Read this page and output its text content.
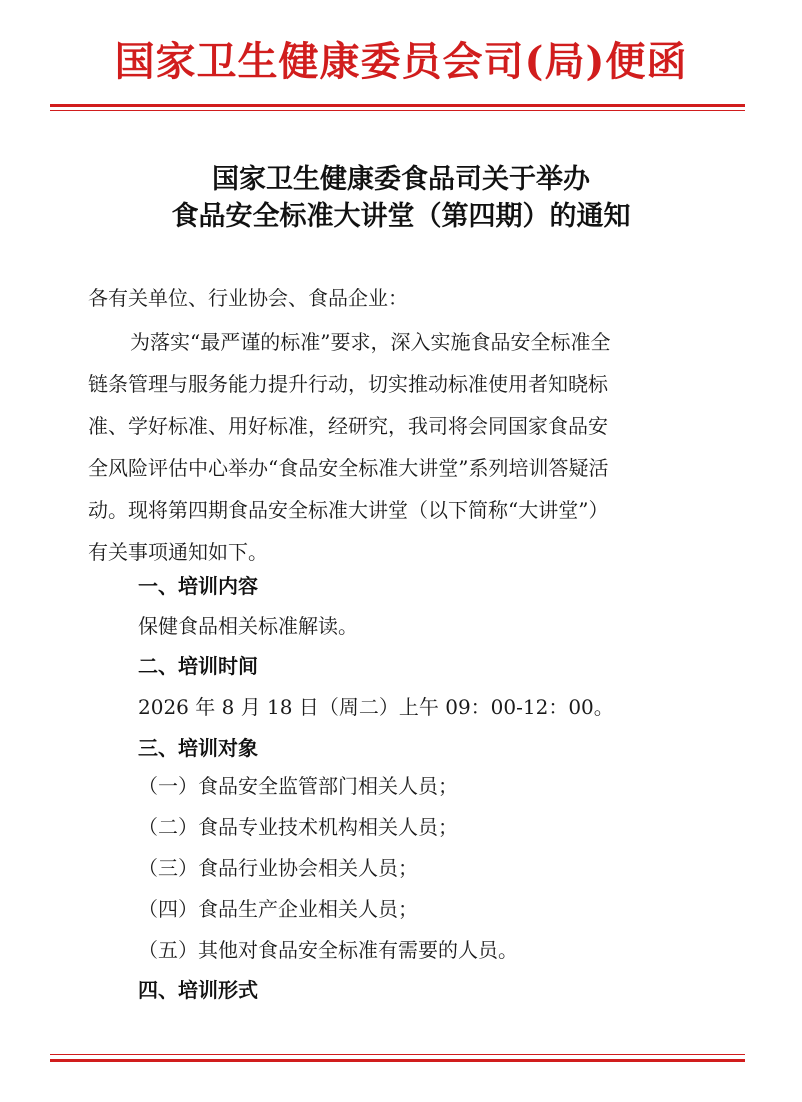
国家卫生健康委员会司(局)便函
国家卫生健康委食品司关于举办
食品安全标准大讲堂（第四期）的通知
各有关单位、行业协会、食品企业：
为落实“最严谨的标准”要求，深入实施食品安全标准全
链条管理与服务能力提升行动，切实推动标准使用者知晓标
准、学好标准、用好标准，经研究，我司将会同国家食品安
全风险评估中心举办“食品安全标准大讲堂”系列培训答疑活
动。现将第四期食品安全标准大讲堂（以下简称“大讲堂”）
有关事项通知如下。
一、培训内容
保健食品相关标准解读。
二、培训时间
2026 年 8 月 18 日（周二）上午 09：00-12：00。
三、培训对象
（一）食品安全监管部门相关人员；
（二）食品专业技术机构相关人员；
（三）食品行业协会相关人员；
（四）食品生产企业相关人员；
（五）其他对食品安全标准有需要的人员。
四、培训形式
